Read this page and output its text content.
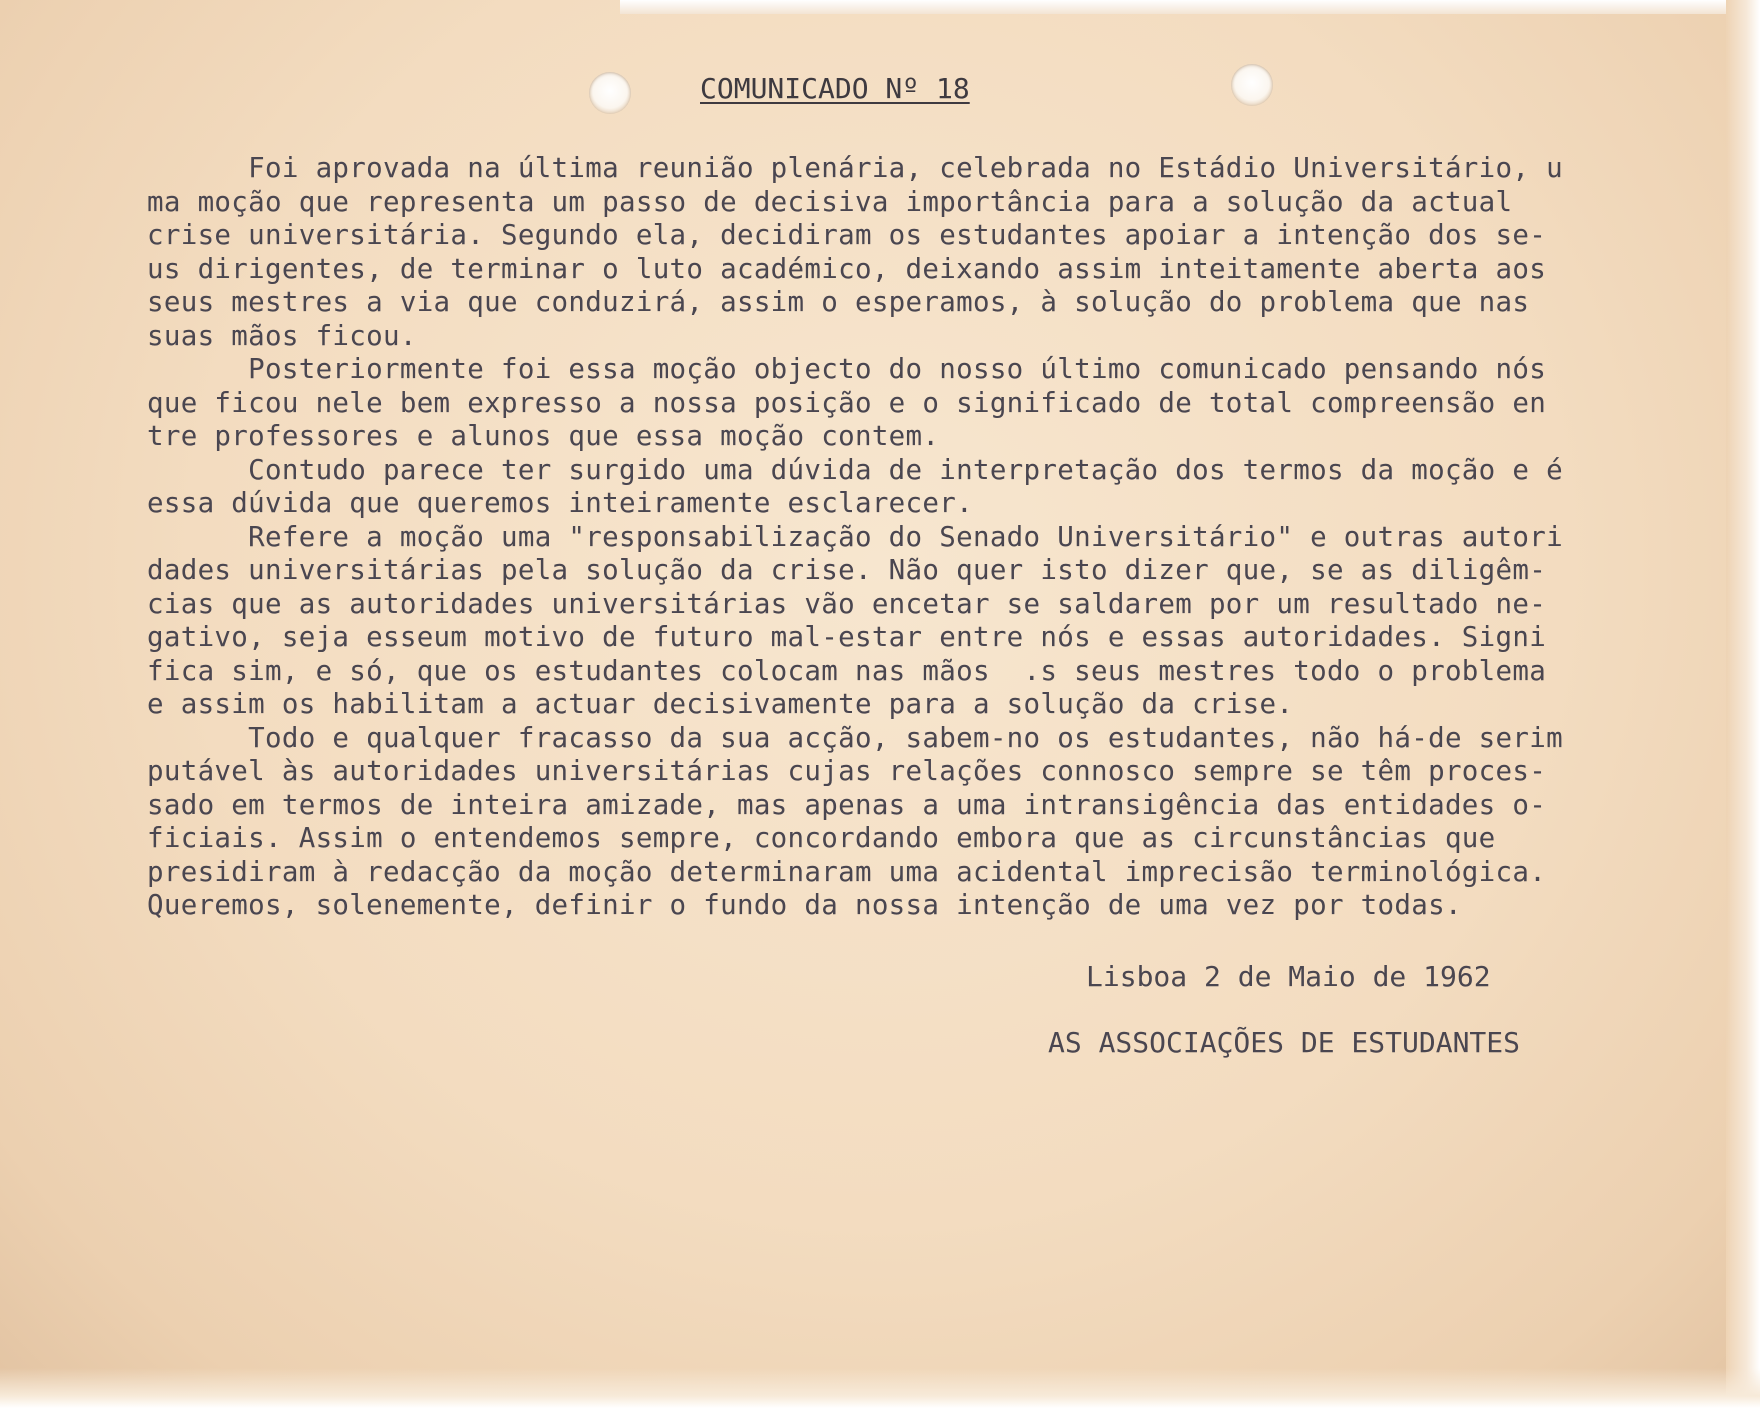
COMUNICADO Nº 18
Foi aprovada na última reunião plenária, celebrada no Estádio Universitário, u
ma moção que representa um passo de decisiva importância para a solução da actual
crise universitária. Segundo ela, decidiram os estudantes apoiar a intenção dos se-
us dirigentes, de terminar o luto académico, deixando assim inteitamente aberta aos
seus mestres a via que conduzirá, assim o esperamos, à solução do problema que nas
suas mãos ficou.
Posteriormente foi essa moção objecto do nosso último comunicado pensando nós
que ficou nele bem expresso a nossa posição e o significado de total compreensão en
tre professores e alunos que essa moção contem.
Contudo parece ter surgido uma dúvida de interpretação dos termos da moção e é
essa dúvida que queremos inteiramente esclarecer.
Refere a moção uma "responsabilização do Senado Universitário" e outras autori
dades universitárias pela solução da crise. Não quer isto dizer que, se as diligêm-
cias que as autoridades universitárias vão encetar se saldarem por um resultado ne-
gativo, seja esseum motivo de futuro mal-estar entre nós e essas autoridades. Signi
fica sim, e só, que os estudantes colocam nas mãos  .s seus mestres todo o problema
e assim os habilitam a actuar decisivamente para a solução da crise.
Todo e qualquer fracasso da sua acção, sabem-no os estudantes, não há-de serim
putável às autoridades universitárias cujas relações connosco sempre se têm proces-
sado em termos de inteira amizade, mas apenas a uma intransigência das entidades o-
ficiais. Assim o entendemos sempre, concordando embora que as circunstâncias que
presidiram à redacção da moção determinaram uma acidental imprecisão terminológica.
Queremos, solenemente, definir o fundo da nossa intenção de uma vez por todas.
Lisboa 2 de Maio de 1962
AS ASSOCIAÇÕES DE ESTUDANTES
